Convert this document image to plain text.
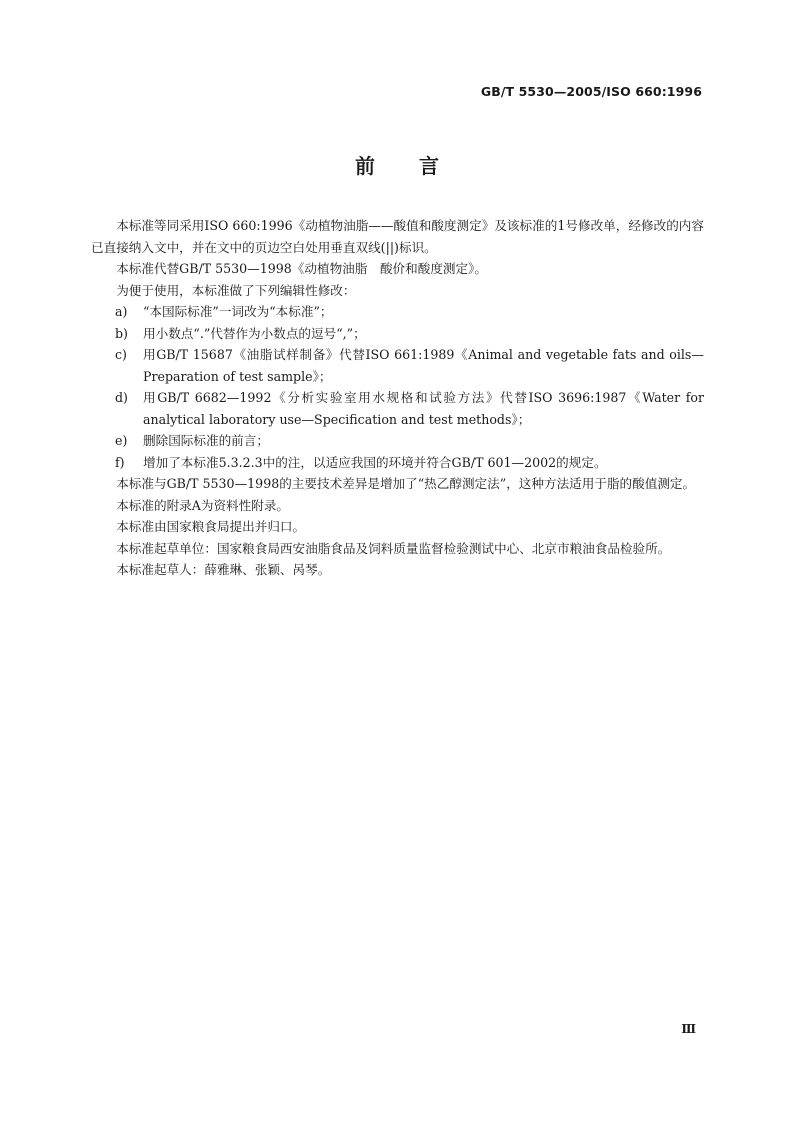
GB/T 5530—2005/ISO 660:1996
前言

本标准等同采用ISO 660:1996《动植物油脂——酸值和酸度测定》及该标准的1号修改单，经修改的内容已直接纳入文中，并在文中的页边空白处用垂直双线(||)标识。

本标准代替GB/T 5530—1998《动植物油脂　酸价和酸度测定》。

为便于使用，本标准做了下列编辑性修改：

a) “本国际标准”一词改为“本标准”；

b) 用小数点“.”代替作为小数点的逗号“,”；

c) 用GB/T 15687《油脂试样制备》代替ISO 661:1989《Animal and vegetable fats and oils—Preparation of test sample》；

d) 用GB/T 6682—1992《分析实验室用水规格和试验方法》代替ISO 3696:1987《Water for analytical laboratory use—Specification and test methods》；

e) 删除国际标准的前言；

f) 增加了本标准5.3.2.3中的注，以适应我国的环境并符合GB/T 601—2002的规定。

本标准与GB/T 5530—1998的主要技术差异是增加了“热乙醇测定法”，这种方法适用于脂的酸值测定。

本标准的附录A为资料性附录。

本标准由国家粮食局提出并归口。

本标准起草单位：国家粮食局西安油脂食品及饲料质量监督检验测试中心、北京市粮油食品检验所。

本标准起草人：薛雅琳、张颖、呙琴。

Ⅲ
